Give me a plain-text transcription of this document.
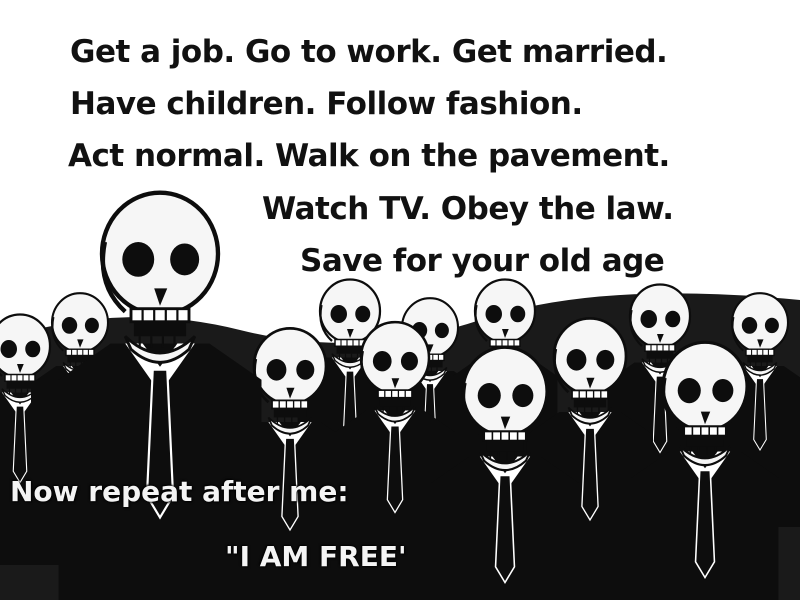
Get a job. Go to work. Get married.

Have children. Follow fashion.

Act normal. Walk on the pavement.

Watch TV. Obey the law.

Save for your old age

Now repeat after me:

"I AM FREE'
